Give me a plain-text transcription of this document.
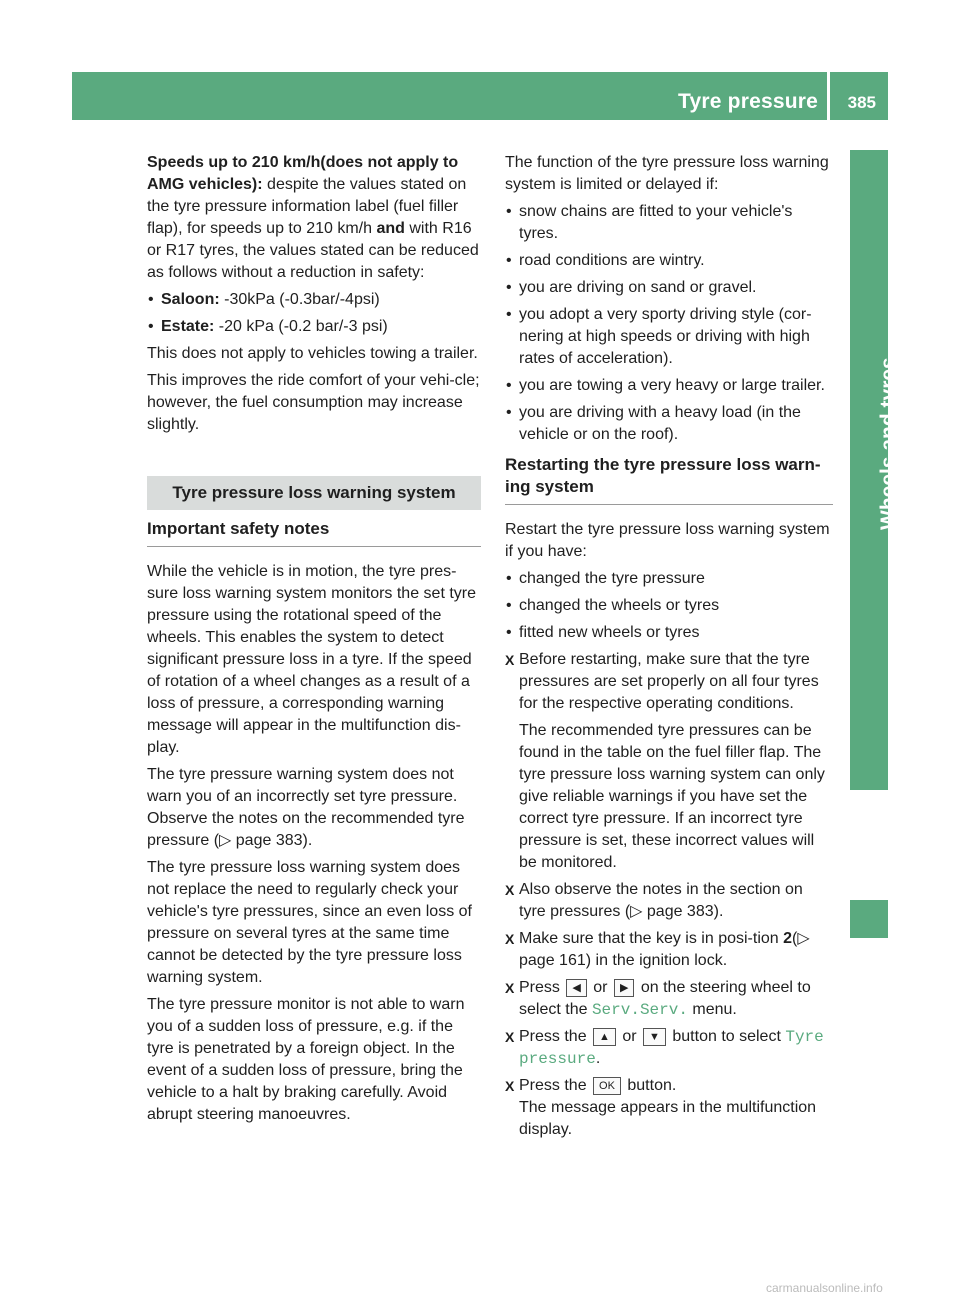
Tyre pressure 385
Wheels and tyres

Speeds up to 210 km/h(does not apply to AMG vehicles): despite the values stated on the tyre pressure information label (fuel filler flap), for speeds up to 210 km/h and with R16 or R17 tyres, the values stated can be reduced as follows without a reduction in safety:

• Saloon: -30kPa (-0.3bar/-4psi)
• Estate: -20 kPa (-0.2 bar/-3 psi)

This does not apply to vehicles towing a trailer.

This improves the ride comfort of your vehi-cle; however, the fuel consumption may increase slightly.

Tyre pressure loss warning system
Important safety notes

While the vehicle is in motion, the tyre pres-sure loss warning system monitors the set tyre pressure using the rotational speed of the wheels. This enables the system to detect significant pressure loss in a tyre. If the speed of rotation of a wheel changes as a result of a loss of pressure, a corresponding warning message will appear in the multifunction dis-play.

The tyre pressure warning system does not warn you of an incorrectly set tyre pressure. Observe the notes on the recommended tyre pressure (▷ page 383).

The tyre pressure loss warning system does not replace the need to regularly check your vehicle's tyre pressures, since an even loss of pressure on several tyres at the same time cannot be detected by the tyre pressure loss warning system.

The tyre pressure monitor is not able to warn you of a sudden loss of pressure, e.g. if the tyre is penetrated by a foreign object. In the event of a sudden loss of pressure, bring the vehicle to a halt by braking carefully. Avoid abrupt steering manoeuvres.

The function of the tyre pressure loss warning system is limited or delayed if:

• snow chains are fitted to your vehicle's tyres.
• road conditions are wintry.
• you are driving on sand or gravel.
• you adopt a very sporty driving style (cor-nering at high speeds or driving with high rates of acceleration).
• you are towing a very heavy or large trailer.
• you are driving with a heavy load (in the vehicle or on the roof).
Restarting the tyre pressure loss warn-ing system

Restart the tyre pressure loss warning system if you have:

• changed the tyre pressure
• changed the wheels or tyres
• fitted new wheels or tyres
X Before restarting, make sure that the tyre pressures are set properly on all four tyres for the respective operating conditions.
The recommended tyre pressures can be found in the table on the fuel filler flap. The tyre pressure loss warning system can only give reliable warnings if you have set the correct tyre pressure. If an incorrect tyre pressure is set, these incorrect values will be monitored.
X Also observe the notes in the section on tyre pressures (▷ page 383).
X Make sure that the key is in posi-tion 2(▷ page 161) in the ignition lock.
X Press ◀ or ▶ on the steering wheel to select the Serv.Serv. menu.
X Press the ▲ or ▼ button to select Tyre pressure.
X Press the OK button.
The message appears in the multifunction display.
carmanualsonline.info
